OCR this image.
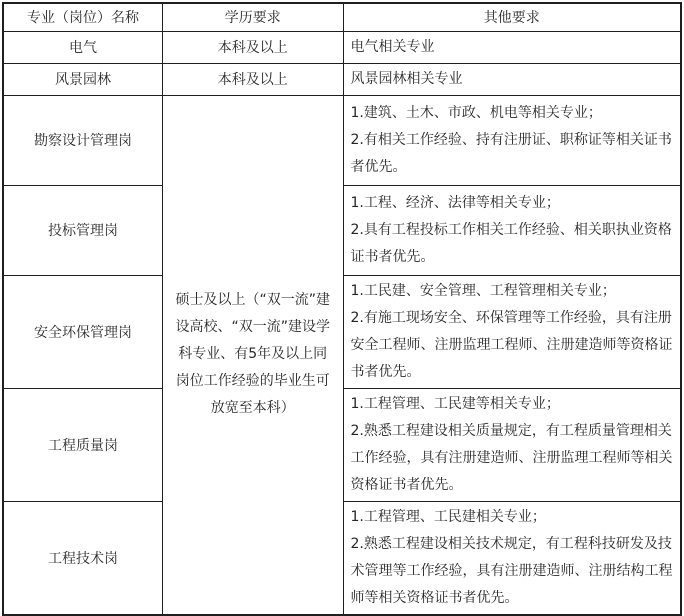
专业（岗位）名称	学历要求	其他要求
电气	本科及以上	电气相关专业

风景园林	本科及以上	风景园林相关专业

勘察设计管理岗	硕士及以上（“双一流”建设高校、“双一流”建设学科专业、有5年及以上同岗位工作经验的毕业生可放宽至本科）	1.建筑、土木、市政、机电等相关专业；
2.有相关工作经验、持有注册证、职称证等相关证书者优先。

投标管理岗		1.工程、经济、法律等相关专业；
2.具有工程投标工作相关工作经验、相关职执业资格证书者优先。

安全环保管理岗		1.工民建、安全管理、工程管理相关专业；
2.有施工现场安全、环保管理等工作经验，具有注册安全工程师、注册监理工程师、注册建造师等资格证书者优先。

工程质量岗		1.工程管理、工民建等相关专业；
2.熟悉工程建设相关质量规定，有工程质量管理相关工作经验，具有注册建造师、注册监理工程师等相关资格证书者优先。

工程技术岗		1.工程管理、工民建相关专业；
2.熟悉工程建设相关技术规定，有工程科技研发及技术管理等工作经验，具有注册建造师、注册结构工程师等相关资格证书者优先。
